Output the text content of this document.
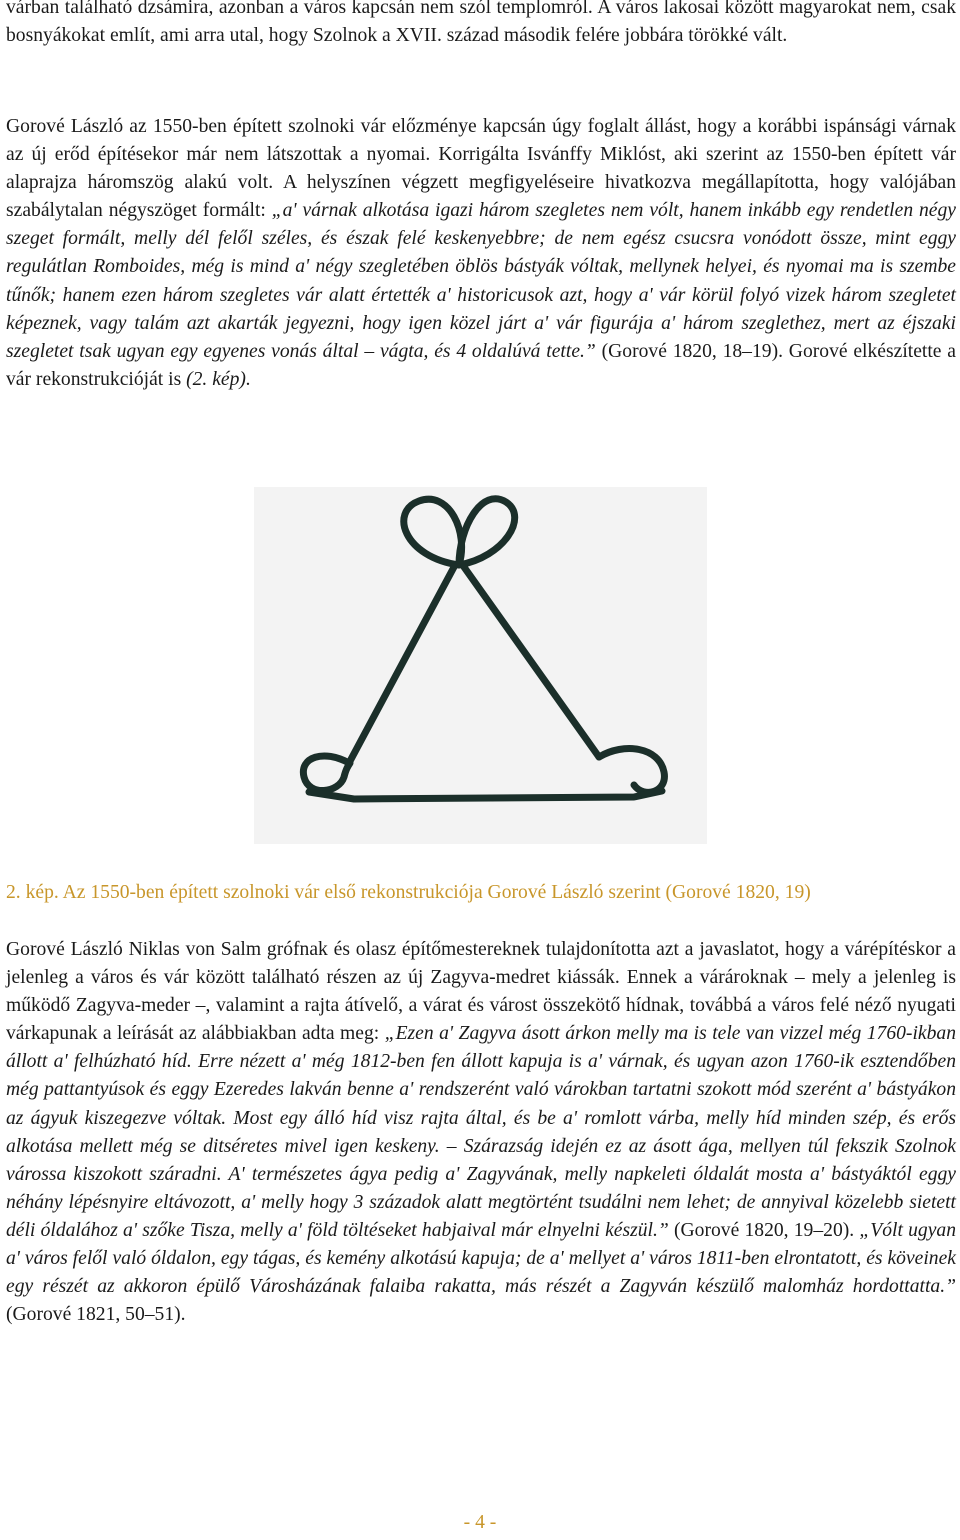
várban található dzsámira, azonban a város kapcsán nem szól templomról. A város lakosai között magyarokat nem, csak bosnyákokat említ, ami arra utal, hogy Szolnok a XVII. század második felére jobbára törökké vált.

Gorové László az 1550-ben épített szolnoki vár előzménye kapcsán úgy foglalt állást, hogy a korábbi ispánsági várnak az új erőd építésekor már nem látszottak a nyomai. Korrigálta Isvánffy Miklóst, aki szerint az 1550-ben épített vár alaprajza háromszög alakú volt. A helyszínen végzett megfigyeléseire hivatkozva megállapította, hogy valójában szabálytalan négyszöget formált: „a' várnak alkotása igazi három szegletes nem vólt, hanem inkább egy rendetlen négy szeget formált, melly dél felől széles, és észak felé keskenyebbre; de nem egész csucsra vonódott össze, mint eggy regulátlan Romboides, még is mind a' négy szegletében öblös bástyák vóltak, mellynek helyei, és nyomai ma is szembe tűnők; hanem ezen három szegletes vár alatt értették a' historicusok azt, hogy a' vár körül folyó vizek három szegletet képeznek, vagy talám azt akarták jegyezni, hogy igen közel járt a' vár figurája a' három szeglethez, mert az éjszaki szegletet tsak ugyan egy egyenes vonás által – vágta, és 4 oldalúvá tette.” (Gorové 1820, 18–19). Gorové elkészítette a vár rekonstrukcióját is (2. kép).

2. kép. Az 1550-ben épített szolnoki vár első rekonstrukciója Gorové László szerint (Gorové 1820, 19)

Gorové László Niklas von Salm grófnak és olasz építőmestereknek tulajdonította azt a javaslatot, hogy a várépítéskor a jelenleg a város és vár között található részen az új Zagyva-medret kiássák. Ennek a várároknak – mely a jelenleg is működő Zagyva-meder –, valamint a rajta átívelő, a várat és várost összekötő hídnak, továbbá a város felé néző nyugati várkapunak a leírását az alábbiakban adta meg: „Ezen a' Zagyva ásott árkon melly ma is tele van vizzel még 1760-ikban állott a' felhúzható híd. Erre nézett a' még 1812-ben fen állott kapuja is a' várnak, és ugyan azon 1760-ik esztendőben még pattantyúsok és eggy Ezeredes lakván benne a' rendszerént való várokban tartatni szokott mód szerént a' bástyákon az ágyuk kiszegezve vóltak. Most egy álló híd visz rajta által, és be a' romlott várba, melly híd minden szép, és erős alkotása mellett még se ditséretes mivel igen keskeny. – Szárazság idején ez az ásott ága, mellyen túl fekszik Szolnok várossa kiszokott száradni. A' természetes ágya pedig a' Zagyvának, melly napkeleti óldalát mosta a' bástyáktól eggy néhány lépésnyire eltávozott, a' melly hogy 3 századok alatt megtörtént tsudálni nem lehet; de annyival közelebb sietett déli óldalához a' szőke Tisza, melly a' föld töltéseket habjaival már elnyelni készül.” (Gorové 1820, 19–20). „Vólt ugyan a' város felől való óldalon, egy tágas, és kemény alkotású kapuja; de a' mellyet a' város 1811-ben elrontatott, és köveinek egy részét az akkoron épülő Városházának falaiba rakatta, más részét a Zagyván készülő malomház hordottatta.” (Gorové 1821, 50–51).

- 4 -
